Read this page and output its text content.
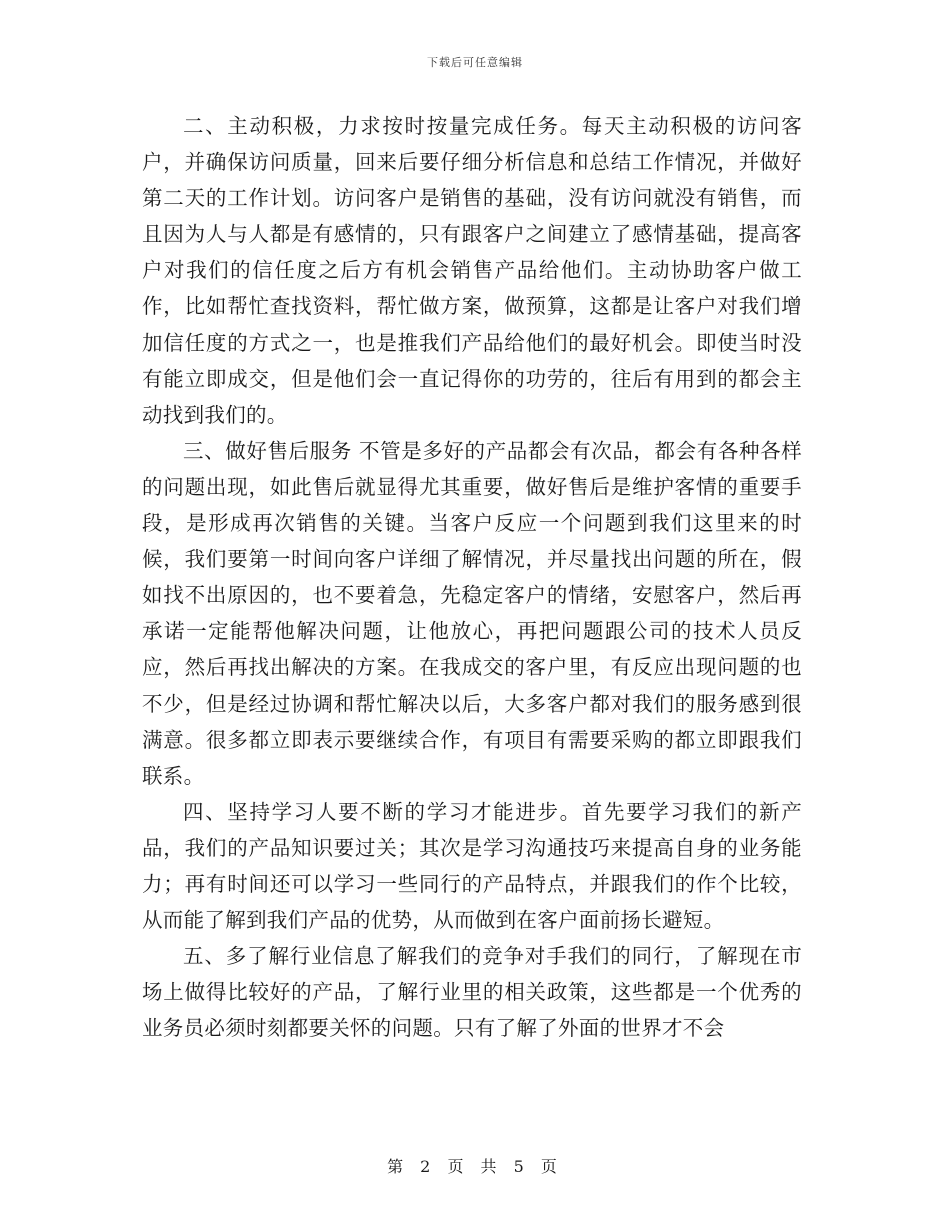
下载后可任意编辑

二、主动积极，力求按时按量完成任务。每天主动积极的访问客户，并确保访问质量，回来后要仔细分析信息和总结工作情况，并做好第二天的工作计划。访问客户是销售的基础，没有访问就没有销售，而且因为人与人都是有感情的，只有跟客户之间建立了感情基础，提高客户对我们的信任度之后方有机会销售产品给他们。主动协助客户做工作，比如帮忙查找资料，帮忙做方案，做预算，这都是让客户对我们增加信任度的方式之一，也是推我们产品给他们的最好机会。即使当时没有能立即成交，但是他们会一直记得你的功劳的，往后有用到的都会主动找到我们的。

三、做好售后服务 不管是多好的产品都会有次品，都会有各种各样的问题出现，如此售后就显得尤其重要，做好售后是维护客情的重要手段，是形成再次销售的关键。当客户反应一个问题到我们这里来的时候，我们要第一时间向客户详细了解情况，并尽量找出问题的所在，假如找不出原因的，也不要着急，先稳定客户的情绪，安慰客户，然后再承诺一定能帮他解决问题，让他放心，再把问题跟公司的技术人员反应，然后再找出解决的方案。在我成交的客户里，有反应出现问题的也不少，但是经过协调和帮忙解决以后，大多客户都对我们的服务感到很满意。很多都立即表示要继续合作，有项目有需要采购的都立即跟我们联系。

四、坚持学习人要不断的学习才能进步。首先要学习我们的新产品，我们的产品知识要过关；其次是学习沟通技巧来提高自身的业务能力；再有时间还可以学习一些同行的产品特点，并跟我们的作个比较，从而能了解到我们产品的优势，从而做到在客户面前扬长避短。

五、多了解行业信息了解我们的竞争对手我们的同行，了解现在市场上做得比较好的产品，了解行业里的相关政策，这些都是一个优秀的业务员必须时刻都要关怀的问题。只有了解了外面的世界才不会

第 2 页 共 5 页
